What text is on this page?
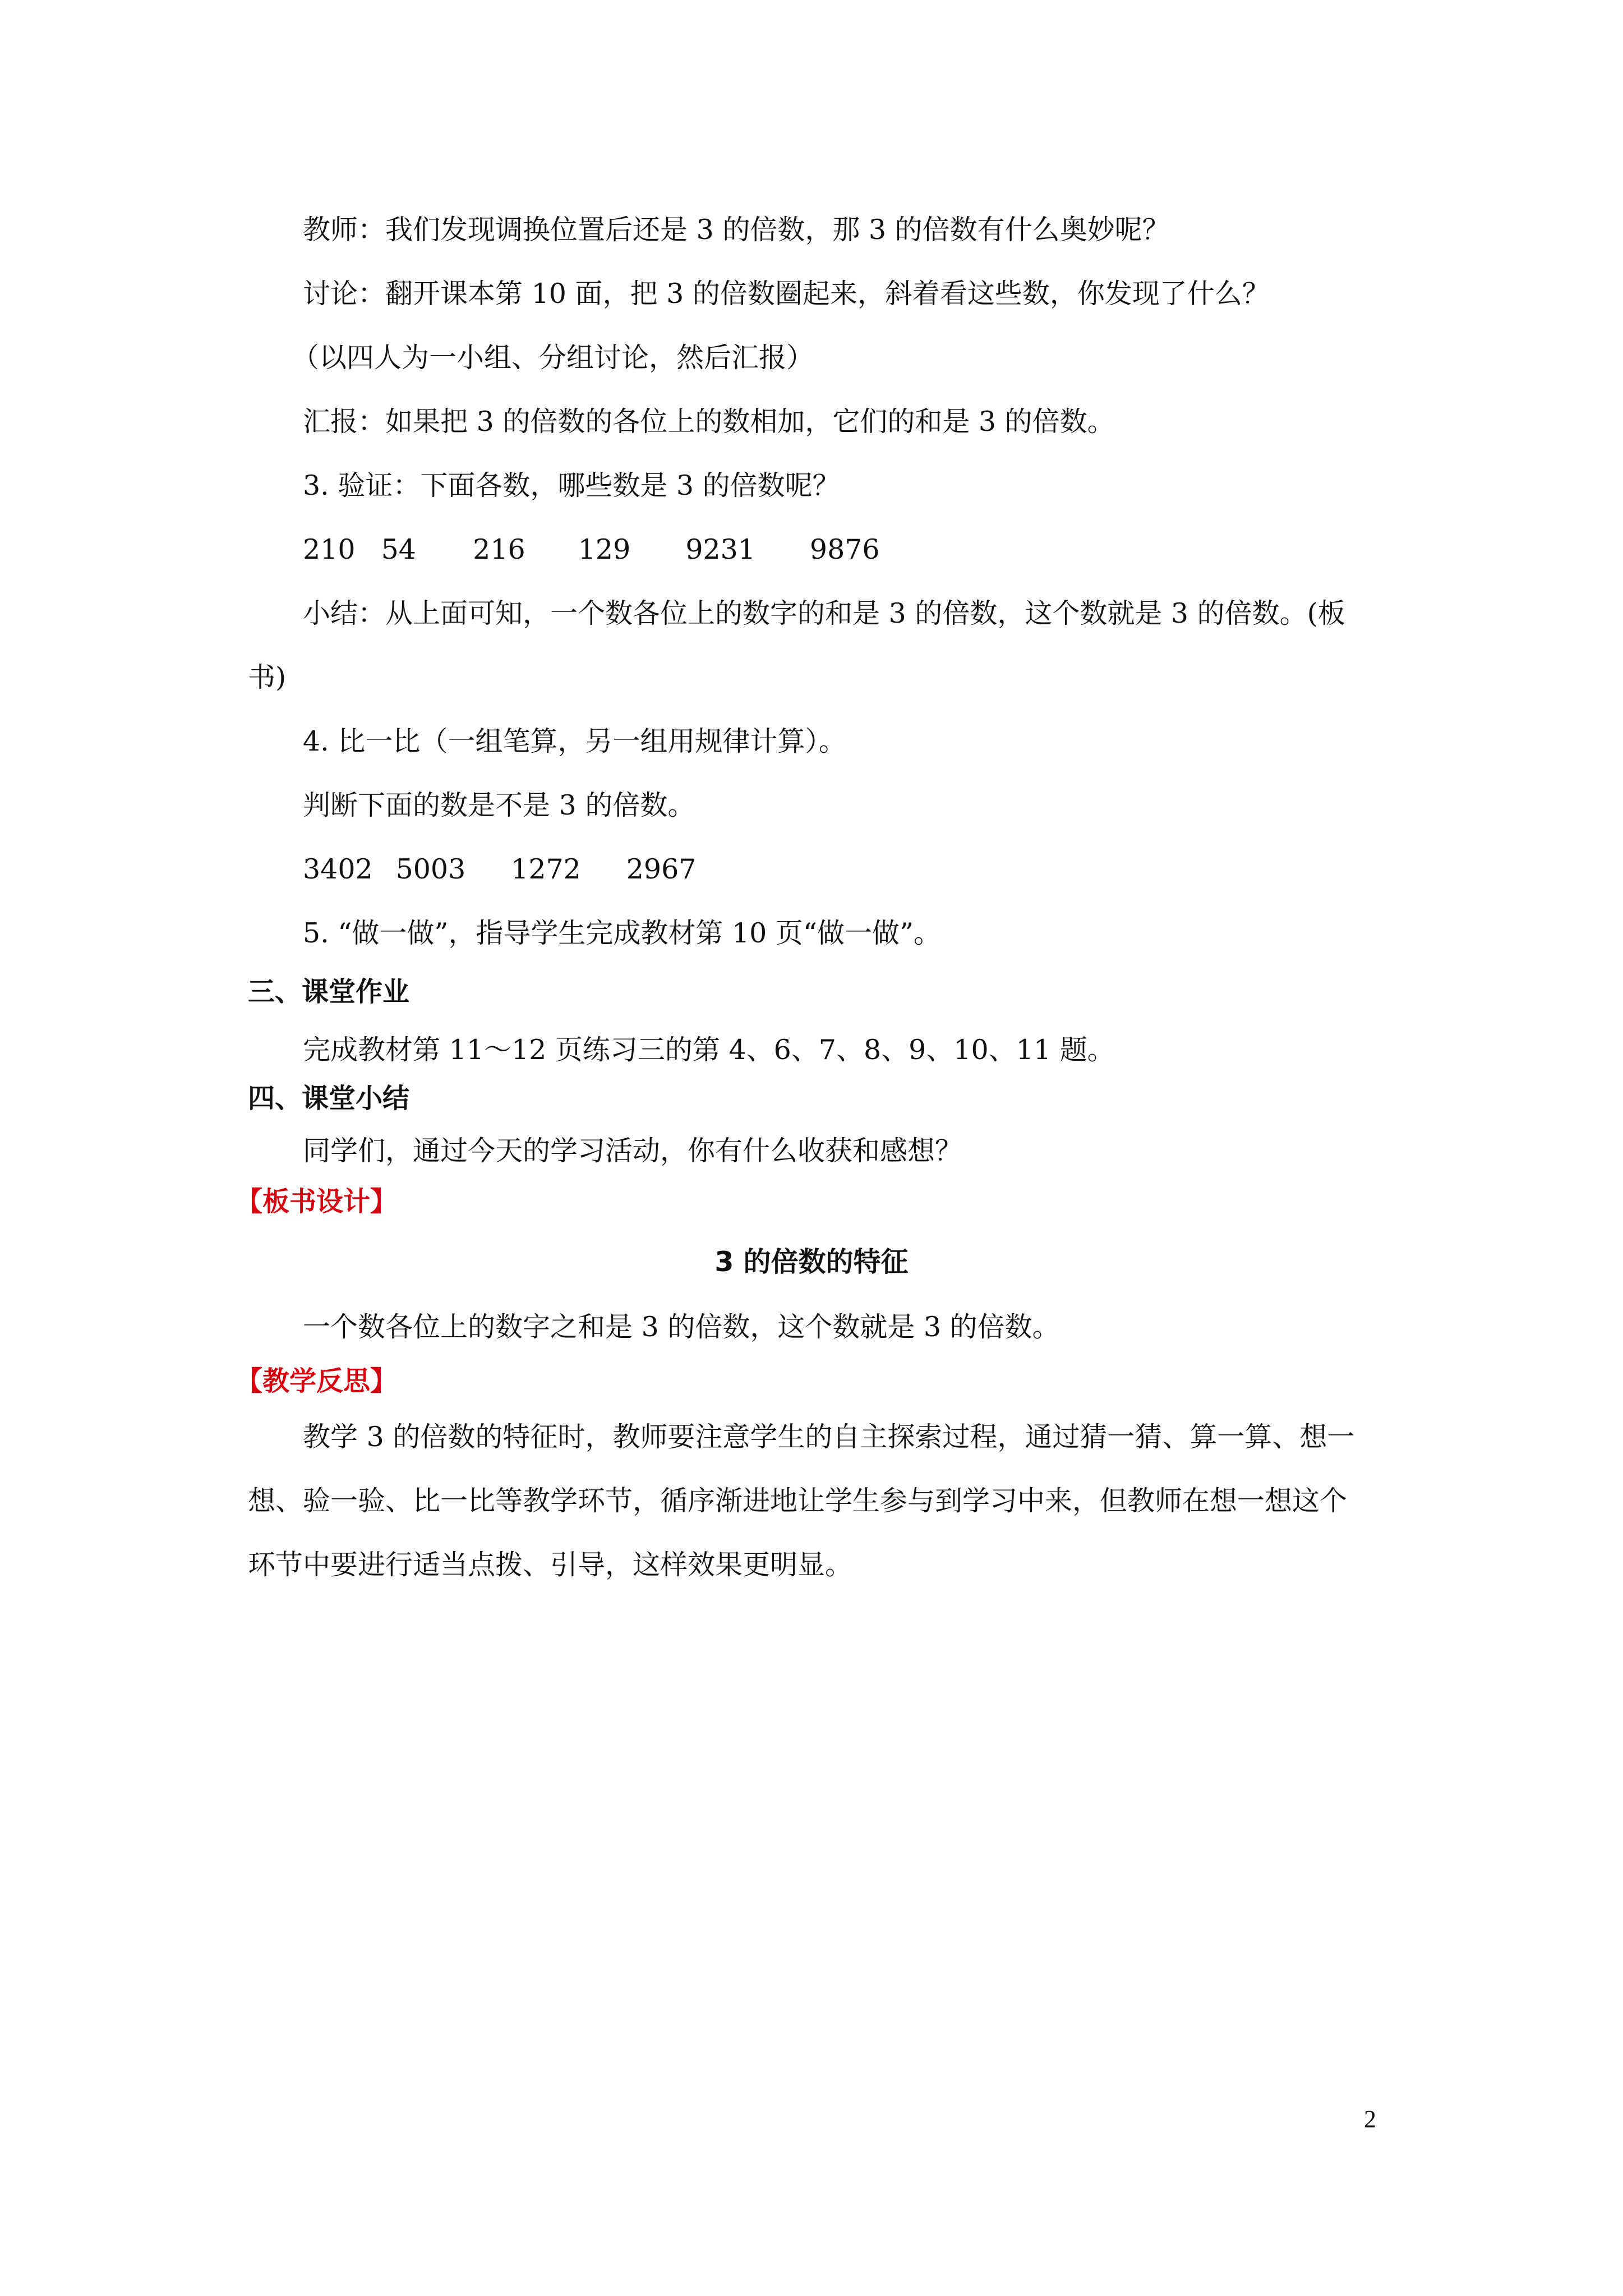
教师：我们发现调换位置后还是 3 的倍数，那 3 的倍数有什么奥妙呢？
讨论：翻开课本第 10 面，把 3 的倍数圈起来，斜着看这些数，你发现了什么？
（以四人为一小组、分组讨论，然后汇报）
汇报：如果把 3 的倍数的各位上的数相加，它们的和是 3 的倍数。
3. 验证：下面各数，哪些数是 3 的倍数呢？
210 54 216 129 9231 9876
小结：从上面可知，一个数各位上的数字的和是 3 的倍数，这个数就是 3 的倍数。(板
书)
4. 比一比（一组笔算，另一组用规律计算）。
判断下面的数是不是 3 的倍数。
3402 5003 1272 2967
5. “做一做”，指导学生完成教材第 10 页“做一做”。
三、课堂作业
完成教材第 11～12 页练习三的第 4、6、7、8、9、10、11 题。
四、课堂小结
同学们，通过今天的学习活动，你有什么收获和感想？
【板书设计】
3 的倍数的特征
一个数各位上的数字之和是 3 的倍数，这个数就是 3 的倍数。
【教学反思】
教学 3 的倍数的特征时，教师要注意学生的自主探索过程，通过猜一猜、算一算、想一
想、验一验、比一比等教学环节，循序渐进地让学生参与到学习中来，但教师在想一想这个
环节中要进行适当点拨、引导，这样效果更明显。
2
